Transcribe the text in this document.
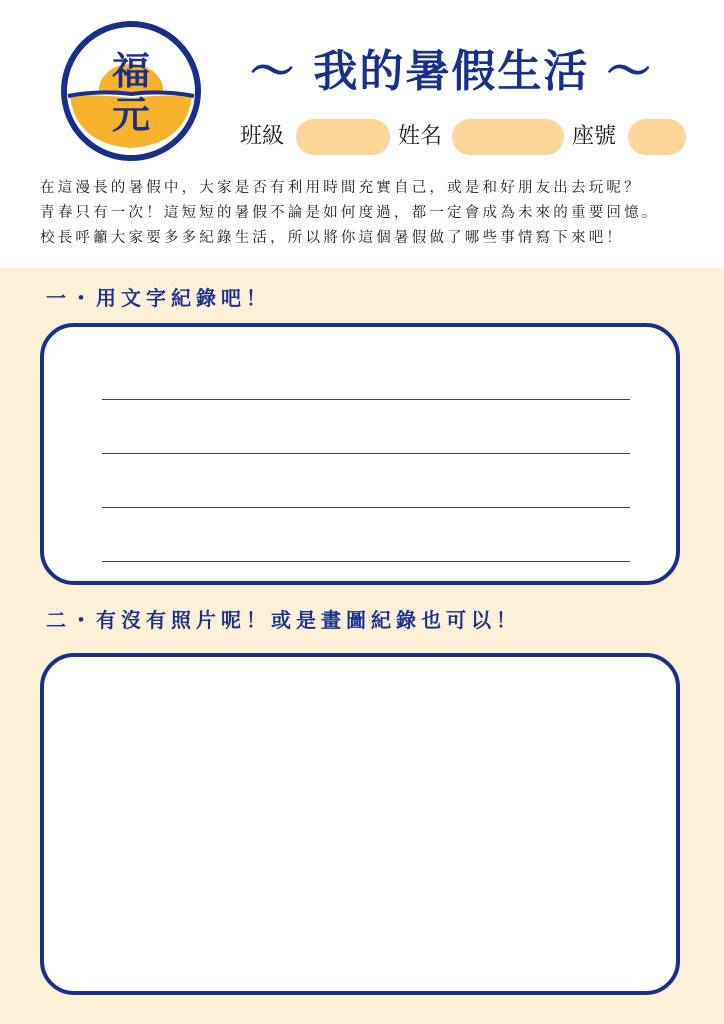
福
元
～ 我的暑假生活 ～
班級	姓名	座號

在這漫長的暑假中，大家是否有利用時間充實自己，或是和好朋友出去玩呢？

青春只有一次！這短短的暑假不論是如何度過，都一定會成為未來的重要回憶。

校長呼籲大家要多多紀錄生活，所以將你這個暑假做了哪些事情寫下來吧！

一・用文字紀錄吧！
二・有沒有照片呢！或是畫圖紀錄也可以！
